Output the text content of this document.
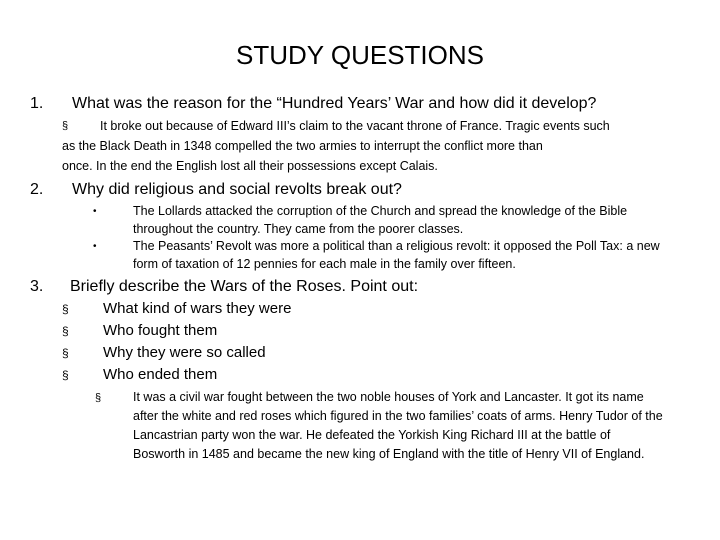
STUDY QUESTIONS
1. What was the reason for the “Hundred Years’ War and how did it develop?
§	It broke out because of Edward III’s claim to the vacant throne of France. Tragic events such
as the Black Death in 1348 compelled the two armies to interrupt the conflict more than
once. In the end the English lost all their possessions except Calais.
2. Why did religious and social revolts break out?
•	The Lollards attacked the corruption of the Church and spread the knowledge of the Bible throughout the country. They came from the poorer classes.
•	The Peasants’ Revolt was more a political than a religious revolt: it opposed the Poll Tax: a new form of taxation of 12 pennies for each male in the family over fifteen.
3. Briefly describe the Wars of the Roses. Point out:
§ What kind of wars they were
§ Who fought them
§ Why they were so called
§ Who ended them
§	It was a civil war fought between the two noble houses of York and Lancaster. It got its name after the white and red roses which figured in the two families’ coats of arms. Henry Tudor of the Lancastrian party won the war. He defeated the Yorkish King Richard III at the battle of Bosworth in 1485 and became the new king of England with the title of Henry VII of England.
